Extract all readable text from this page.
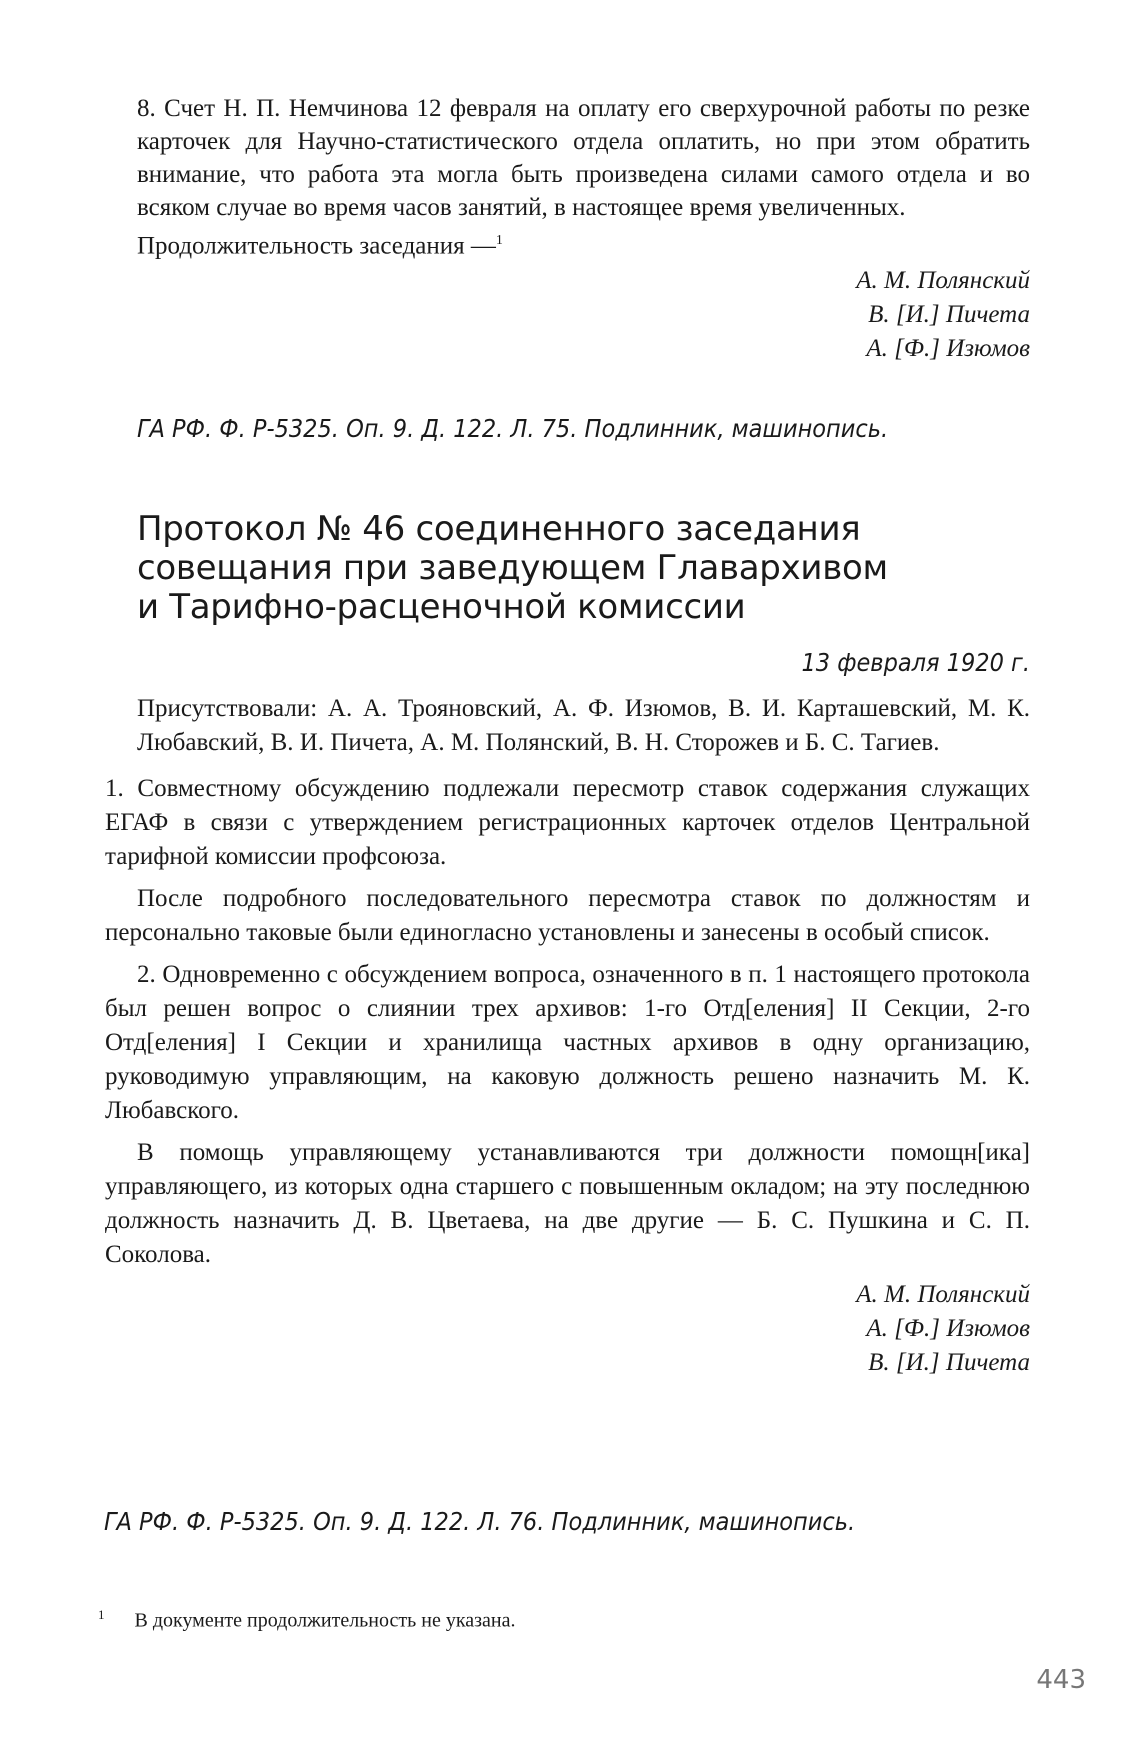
8. Счет Н. П. Немчинова 12 февраля на оплату его сверхурочной работы по резке карточек для Научно-статистического отдела оплатить, но при этом обратить внимание, что работа эта могла быть произведена силами самого отдела и во всяком случае во время часов занятий, в настоящее время увеличенных.

Продолжительность заседания —$^1$

А. М. Полянский

В. [И.] Пичета

А. [Ф.] Изюмов

ГА РФ. Ф. Р-5325. Оп. 9. Д. 122. Л. 75. Подлинник, машинопись.
Протокол № 46 соединенного заседания
совещания при заведующем Главархивом
и Тарифно-расценочной комиссии
13 февраля 1920 г.

Присутствовали: А. А. Трояновский, А. Ф. Изюмов, В. И. Карташевский, М. К. Любавский, В. И. Пичета, А. М. Полянский, В. Н. Сторожев и Б. С. Тагиев.

1. Совместному обсуждению подлежали пересмотр ставок содержания служащих ЕГАФ в связи с утверждением регистрационных карточек отделов Центральной тарифной комиссии профсоюза.

После подробного последовательного пересмотра ставок по должностям и персонально таковые были единогласно установлены и занесены в особый список.

2. Одновременно с обсуждением вопроса, означенного в п. 1 настоящего протокола был решен вопрос о слиянии трех архивов: 1-го Отд[еления] II Секции, 2-го Отд[еления] I Секции и хранилища частных архивов в одну организацию, руководимую управляющим, на каковую должность решено назначить М. К. Любавского.

В помощь управляющему устанавливаются три должности помощн[ика] управляющего, из которых одна старшего с повышенным окладом; на эту последнюю должность назначить Д. В. Цветаева, на две другие — Б. С. Пушкина и С. П. Соколова.

А. М. Полянский

А. [Ф.] Изюмов

В. [И.] Пичета

ГА РФ. Ф. Р-5325. Оп. 9. Д. 122. Л. 76. Подлинник, машинопись.
$^1$ В документе продолжительность не указана.
443
